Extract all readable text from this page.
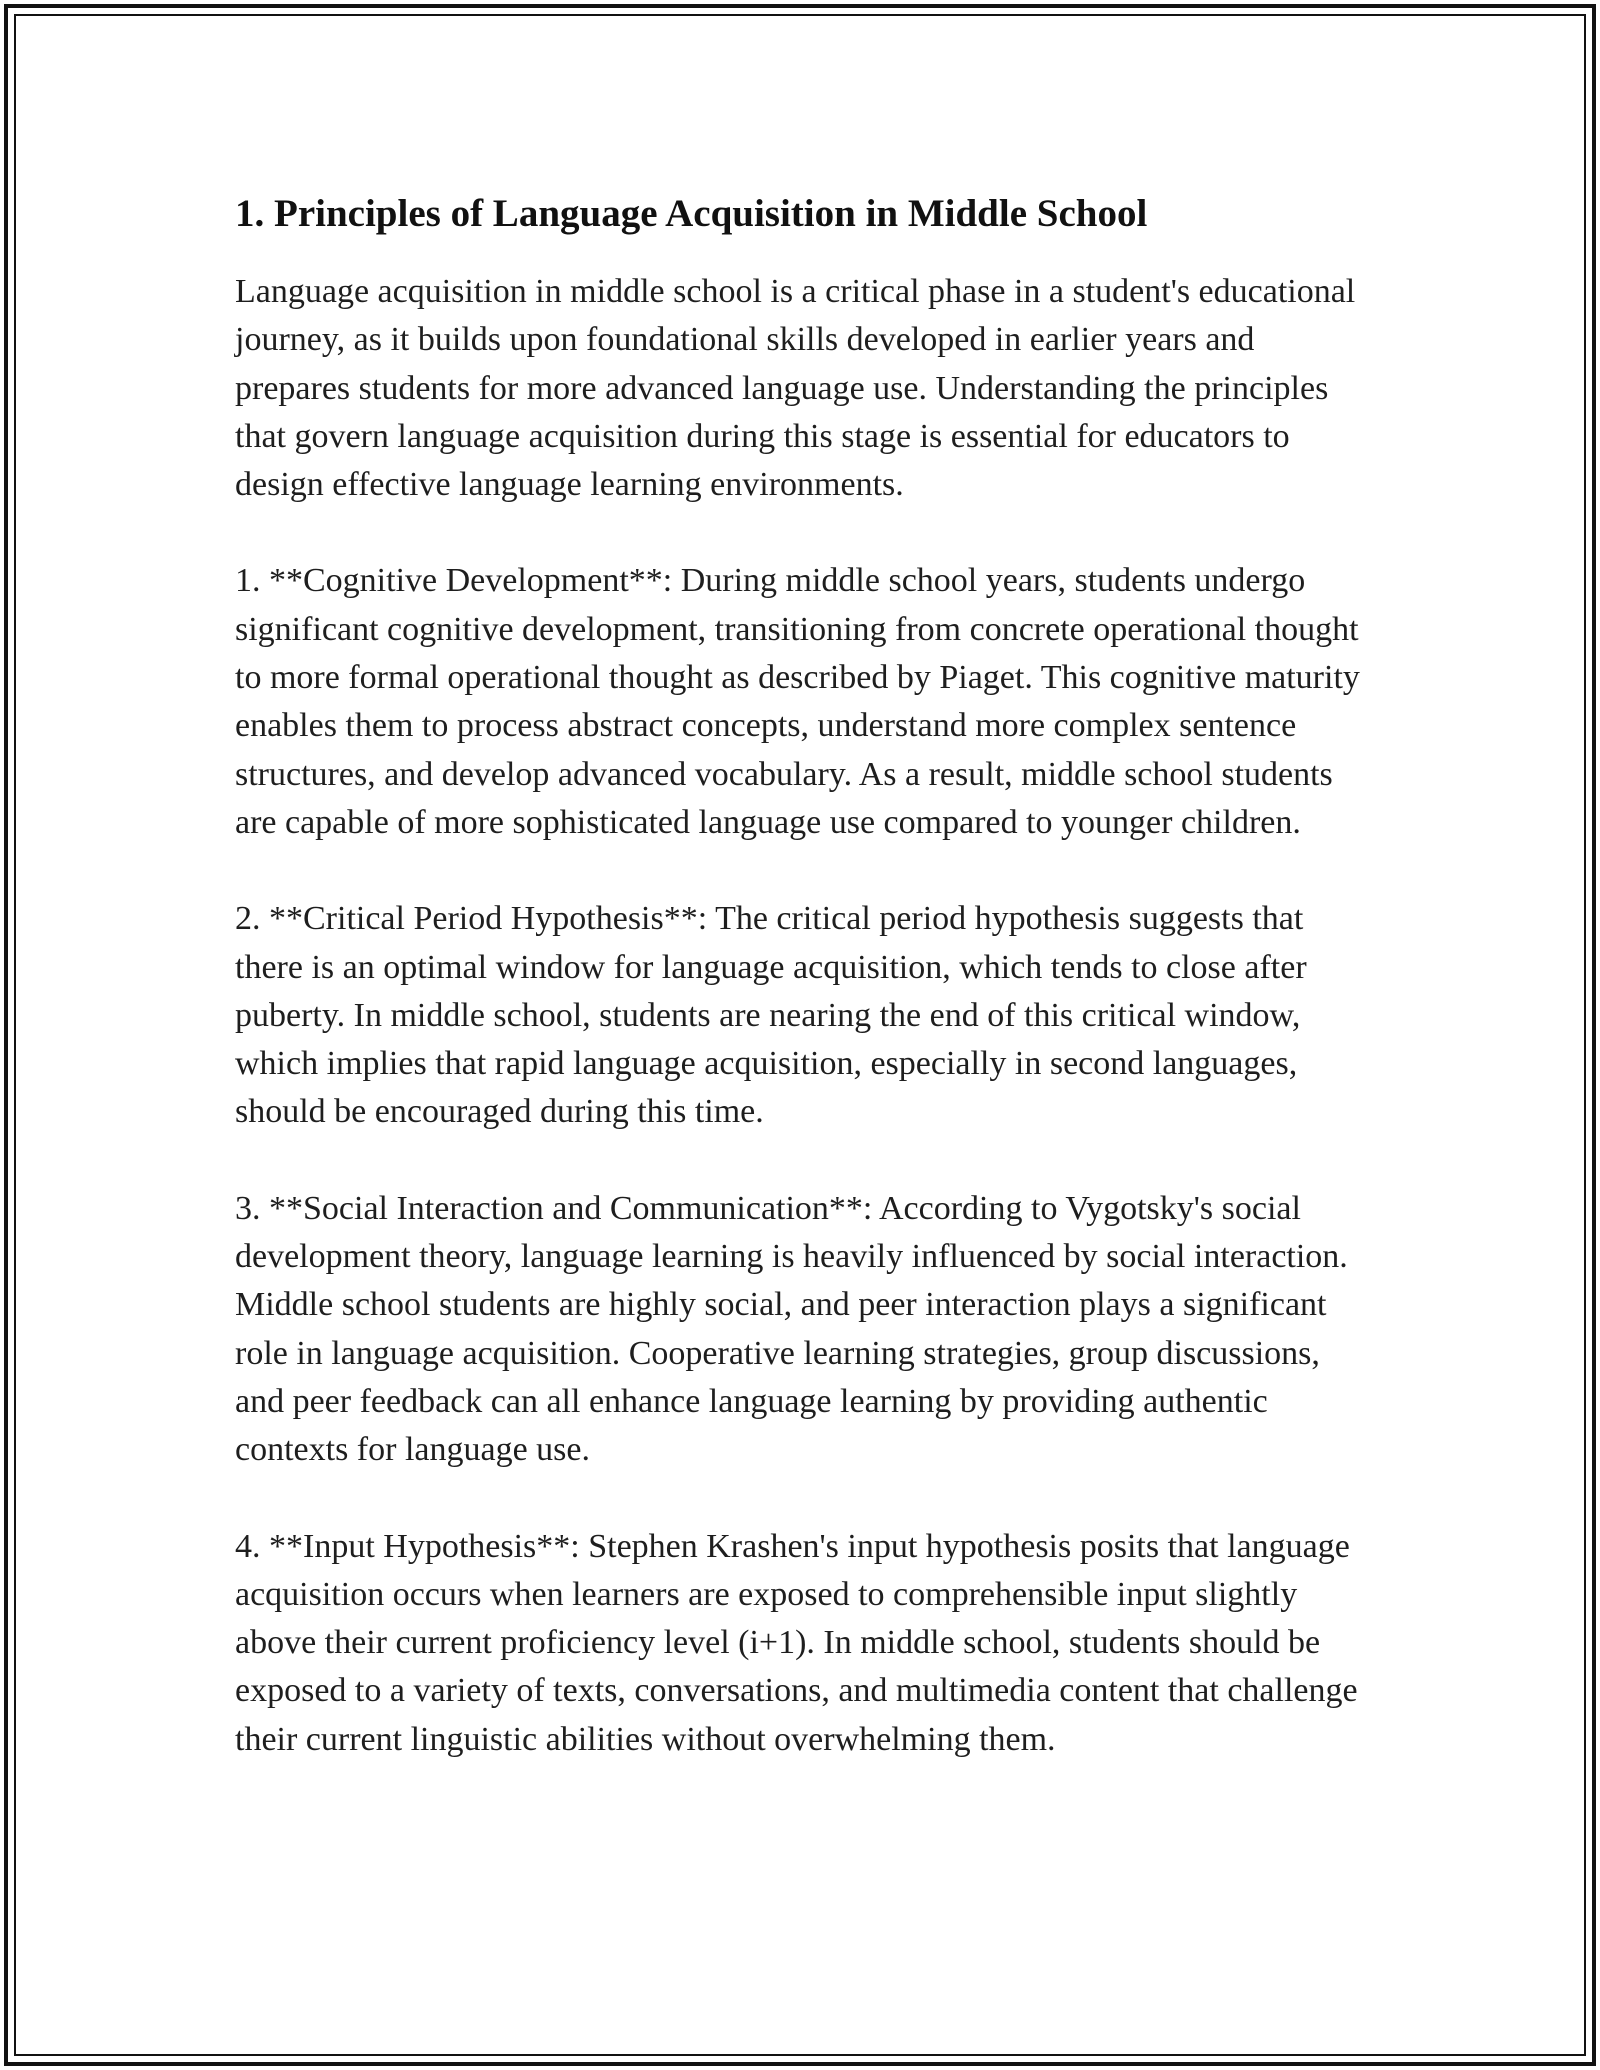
1. Principles of Language Acquisition in Middle School

Language acquisition in middle school is a critical phase in a student's educational journey, as it builds upon foundational skills developed in earlier years and prepares students for more advanced language use. Understanding the principles that govern language acquisition during this stage is essential for educators to design effective language learning environments.

1. **Cognitive Development**: During middle school years, students undergo significant cognitive development, transitioning from concrete operational thought to more formal operational thought as described by Piaget. This cognitive maturity enables them to process abstract concepts, understand more complex sentence structures, and develop advanced vocabulary. As a result, middle school students are capable of more sophisticated language use compared to younger children.

2. **Critical Period Hypothesis**: The critical period hypothesis suggests that there is an optimal window for language acquisition, which tends to close after puberty. In middle school, students are nearing the end of this critical window, which implies that rapid language acquisition, especially in second languages, should be encouraged during this time.

3. **Social Interaction and Communication**: According to Vygotsky's social development theory, language learning is heavily influenced by social interaction. Middle school students are highly social, and peer interaction plays a significant role in language acquisition. Cooperative learning strategies, group discussions, and peer feedback can all enhance language learning by providing authentic contexts for language use.

4. **Input Hypothesis**: Stephen Krashen's input hypothesis posits that language acquisition occurs when learners are exposed to comprehensible input slightly above their current proficiency level (i+1). In middle school, students should be exposed to a variety of texts, conversations, and multimedia content that challenge their current linguistic abilities without overwhelming them.
